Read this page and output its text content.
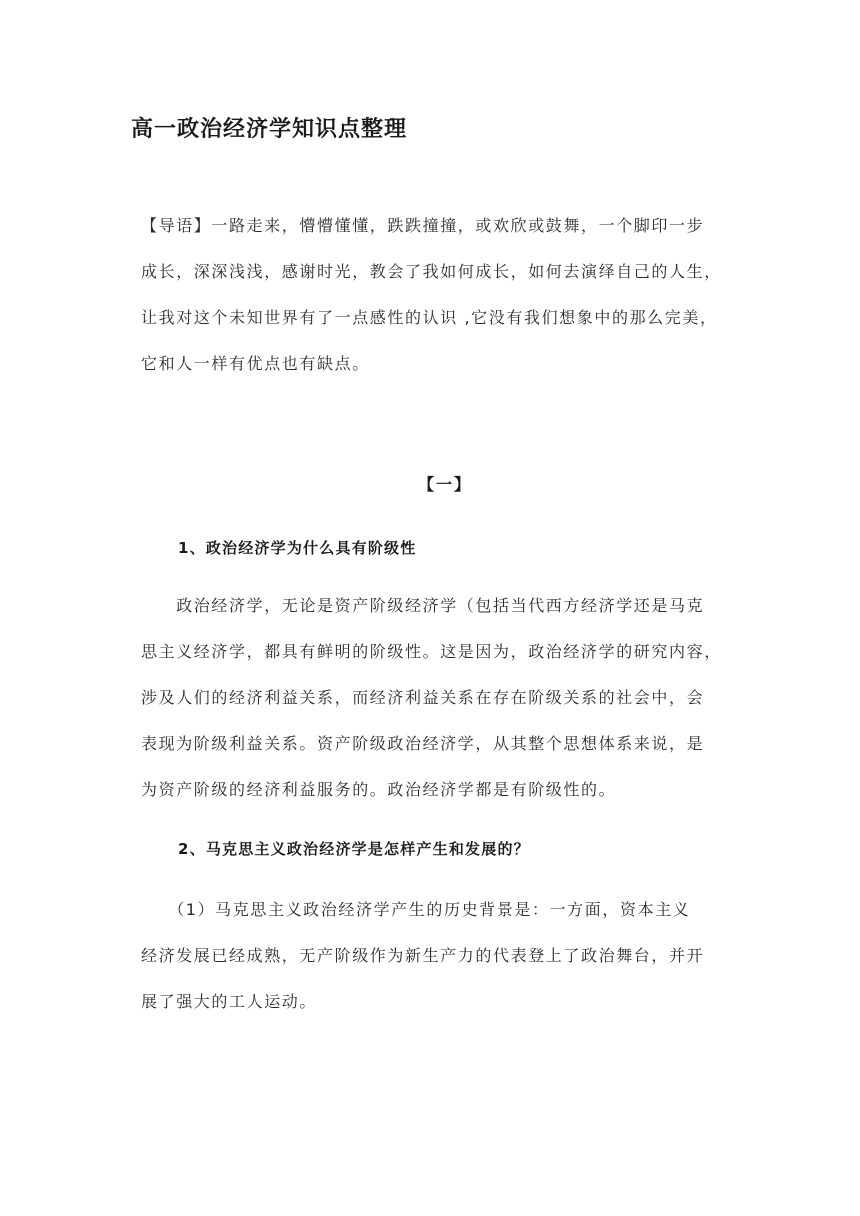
高一政治经济学知识点整理
【导语】一路走来，懵懵懂懂，跌跌撞撞，或欢欣或鼓舞，一个脚印一步
成长，深深浅浅，感谢时光，教会了我如何成长，如何去演绎自己的人生，
让我对这个未知世界有了一点感性的认识 ,它没有我们想象中的那么完美，
它和人一样有优点也有缺点。
【一】
1、政治经济学为什么具有阶级性
　　政治经济学，无论是资产阶级经济学（包括当代西方经济学还是马克
思主义经济学，都具有鲜明的阶级性。这是因为，政治经济学的研究内容，
涉及人们的经济利益关系，而经济利益关系在存在阶级关系的社会中，会
表现为阶级利益关系。资产阶级政治经济学，从其整个思想体系来说，是
为资产阶级的经济利益服务的。政治经济学都是有阶级性的。
2、马克思主义政治经济学是怎样产生和发展的？
　　（1）马克思主义政治经济学产生的历史背景是：一方面，资本主义
经济发展已经成熟，无产阶级作为新生产力的代表登上了政治舞台，并开
展了强大的工人运动。
